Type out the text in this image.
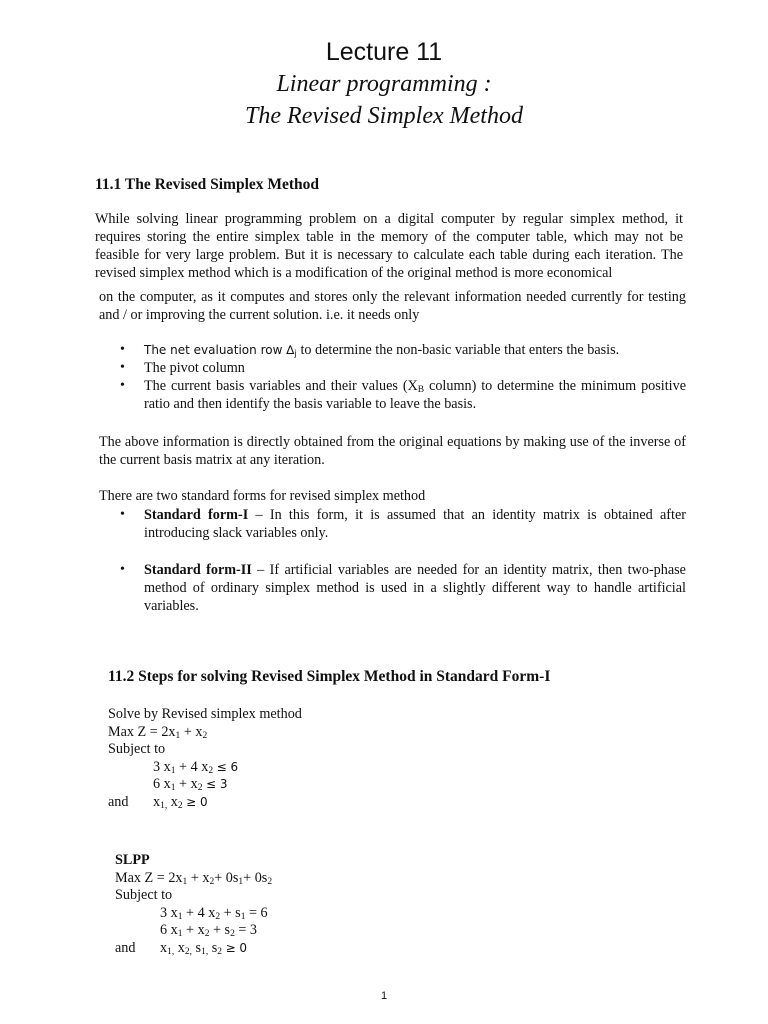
Lecture 11
Linear programming :
The Revised Simplex Method
11.1 The Revised Simplex Method

While solving linear programming problem on a digital computer by regular simplex method, it requires storing the entire simplex table in the memory of the computer table, which may not be feasible for very large problem. But it is necessary to calculate each table during each iteration. The revised simplex method which is a modification of the original method is more economical

on the computer, as it computes and stores only the relevant information needed currently for testing and / or improving the current solution. i.e. it needs only

• The net evaluation row $\Delta_j$ to determine the non-basic variable that enters the basis.
• The pivot column
• The current basis variables and their values ($X_B$ column) to determine the minimum positive ratio and then identify the basis variable to leave the basis.

The above information is directly obtained from the original equations by making use of the inverse of the current basis matrix at any iteration.

There are two standard forms for revised simplex method

• Standard form-I – In this form, it is assumed that an identity matrix is obtained after introducing slack variables only.
• Standard form-II – If artificial variables are needed for an identity matrix, then two-phase method of ordinary simplex method is used in a slightly different way to handle artificial variables.
11.2 Steps for solving Revised Simplex Method in Standard Form-I
Solve by Revised simplex method
Max $Z = 2x_1 + x_2$
Subject to
3 $x_1 + 4$ $x_2 \le 6$
6 $x_1 + x_2 \le 3$
and $x_{1,}$ $x_2 \ge 0$
SLPP
Max $Z = 2x_1 + x_2+ 0s_1+ 0s_2$
Subject to
3 $x_1 + 4$ $x_2 + s_1 = 6$
6 $x_1 + x_2 + s_2 = 3$
and $x_{1,}$ $x_{2,}$ $s_{1,}$ $s_2 \ge 0$
1
